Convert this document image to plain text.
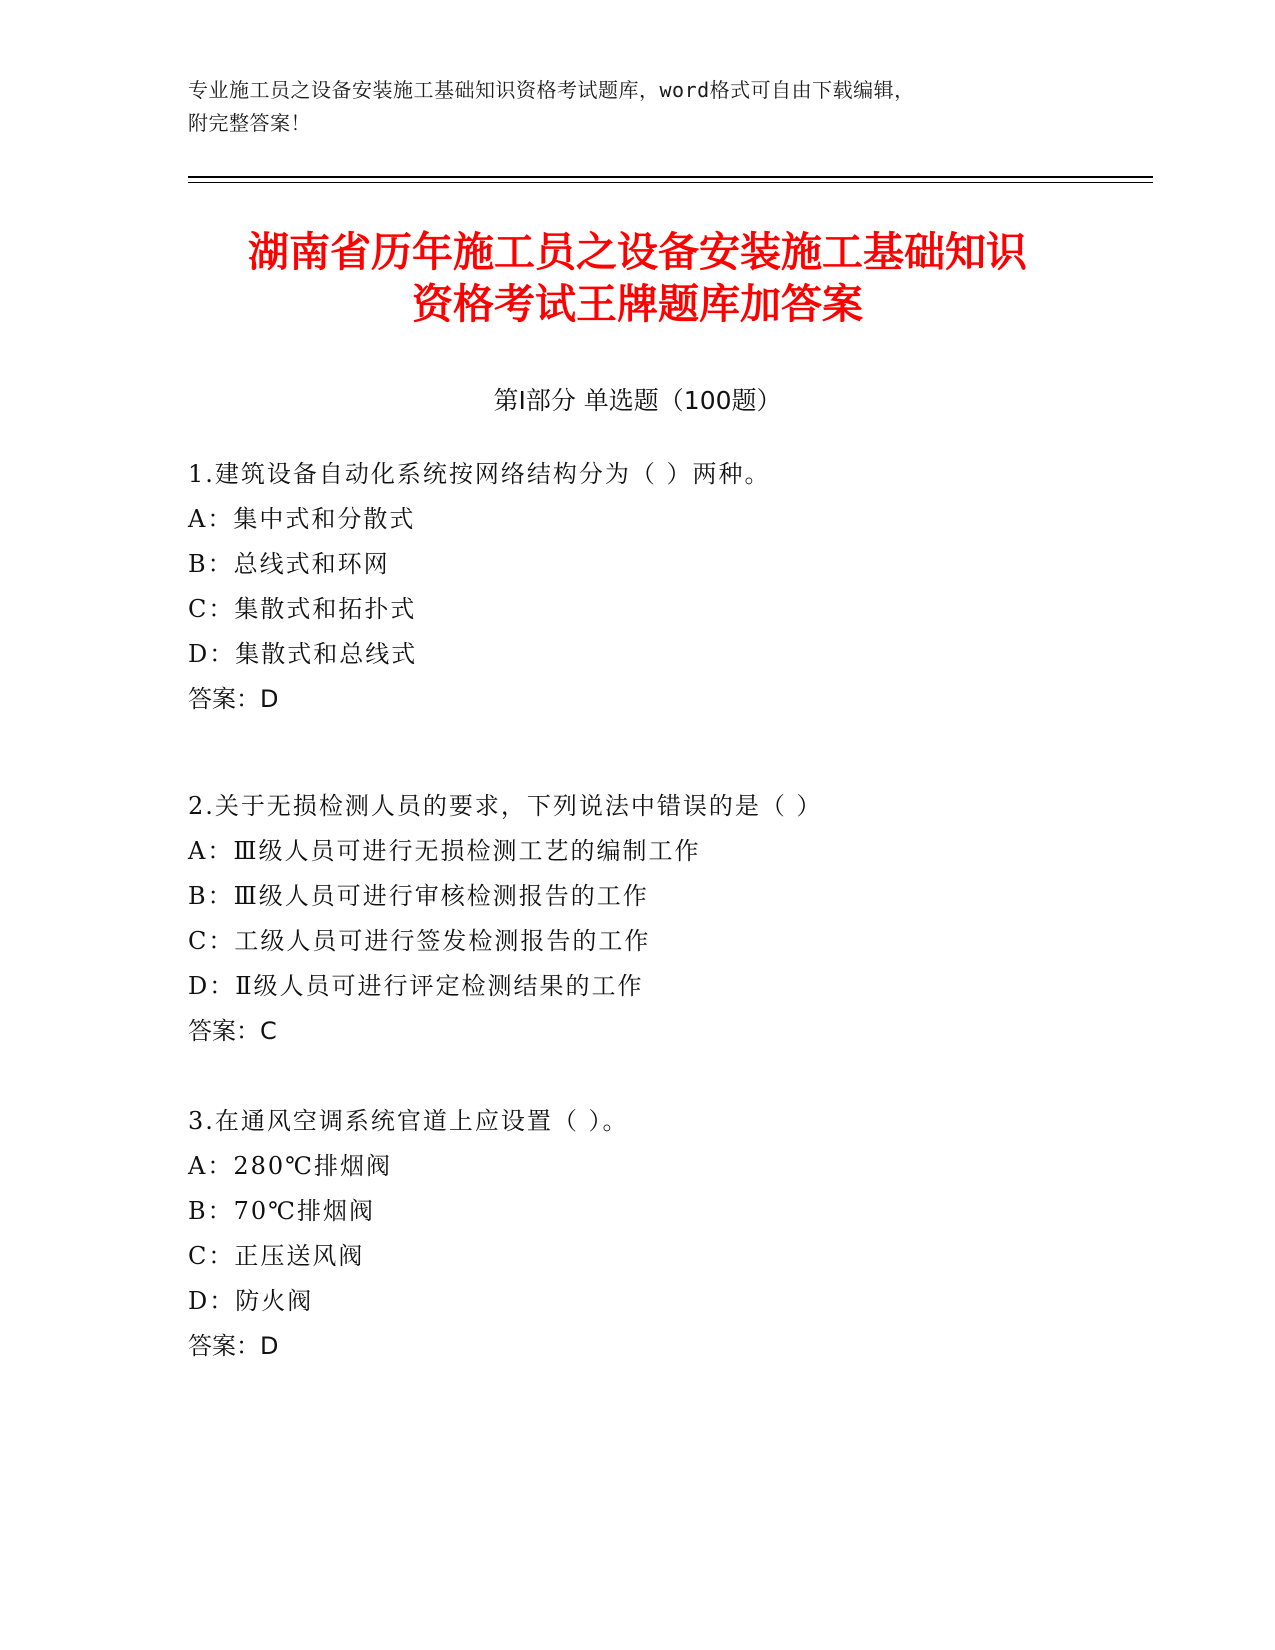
专业施工员之设备安装施工基础知识资格考试题库，word格式可自由下载编辑，
附完整答案！
湖南省历年施工员之设备安装施工基础知识
资格考试王牌题库加答案
第Ⅰ部分 单选题（100题）
1.建筑设备自动化系统按网络结构分为（ ）两种。
A：集中式和分散式
B：总线式和环网
C：集散式和拓扑式
D：集散式和总线式
答案：D
2.关于无损检测人员的要求，下列说法中错误的是（ ）
A：Ⅲ级人员可进行无损检测工艺的编制工作
B：Ⅲ级人员可进行审核检测报告的工作
C：工级人员可进行签发检测报告的工作
D：Ⅱ级人员可进行评定检测结果的工作
答案：C
3.在通风空调系统官道上应设置（ ）。
A：280℃排烟阀
B：70℃排烟阀
C：正压送风阀
D：防火阀
答案：D
